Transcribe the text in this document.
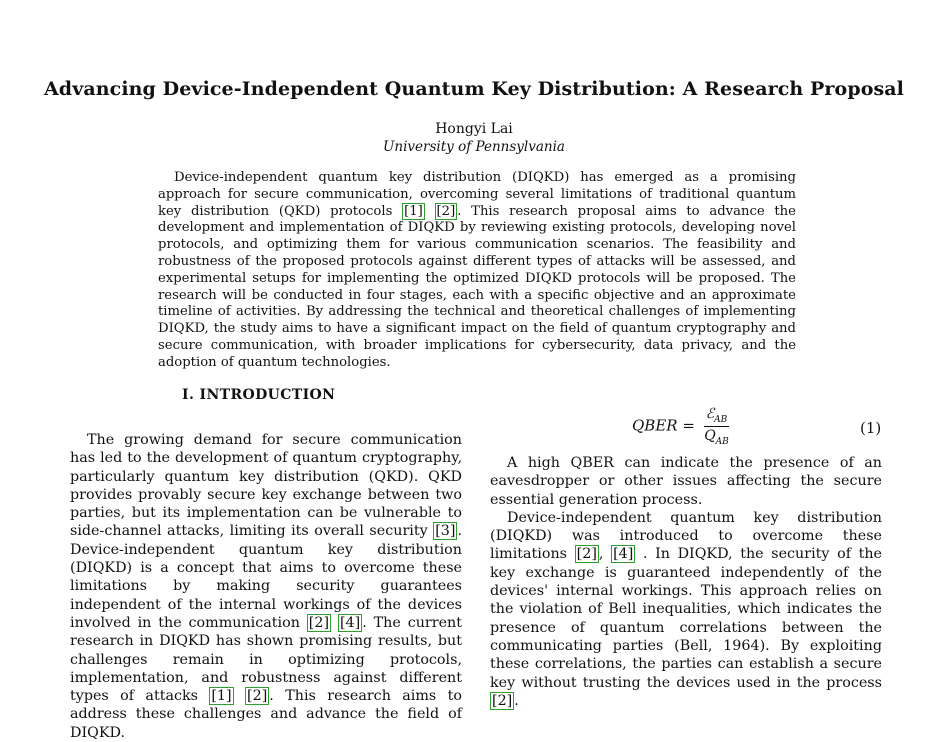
Advancing Device-Independent Quantum Key Distribution: A Research Proposal
Hongyi Lai
University of Pennsylvania
Device-independent quantum key distribution (DIQKD) has emerged as a promising approach for secure communication, overcoming several limitations of traditional quantum key distribution (QKD) protocols [1] [2] . This research proposal aims to advance the development and implementation of DIQKD by reviewing existing protocols, developing novel protocols, and optimizing them for various communication scenarios. The feasibility and robustness of the proposed protocols against different types of attacks will be assessed, and experimental setups for implementing the optimized DIQKD protocols will be proposed. The research will be conducted in four stages, each with a specific objective and an approximate timeline of activities. By addressing the technical and theoretical challenges of implementing DIQKD, the study aims to have a significant impact on the field of quantum cryptography and secure communication, with broader implications for cybersecurity, data privacy, and the adoption of quantum technologies.
I. INTRODUCTION
The growing demand for secure communication has led to the development of quantum cryptography, particularly quantum key distribution (QKD). QKD provides provably secure key exchange between two parties, but its implementation can be vulnerable to side-channel attacks, limiting its overall security [3] . Device-independent quantum key distribution (DIQKD) is a concept that aims to overcome these limitations by making security guarantees independent of the internal workings of the devices involved in the communication [2] [4] . The current research in DIQKD has shown promising results, but challenges remain in optimizing protocols, implementation, and robustness against different types of attacks [1] [2] . This research aims to address these challenges and advance the field of DIQKD.
QBER = $\frac{ℰ_{AB}}{Q_{AB}}$	(1)

A high QBER can indicate the presence of an eavesdropper or other issues affecting the secure essential generation process.

Device-independent quantum key distribution (DIQKD) was introduced to overcome these limitations [2] , [4] . In DIQKD, the security of the key exchange is guaranteed independently of the devices' internal workings. This approach relies on the violation of Bell inequalities, which indicates the presence of quantum correlations between the communicating parties (Bell, 1964). By exploiting these correlations, the parties can establish a secure key without trusting the devices used in the process [2] .
